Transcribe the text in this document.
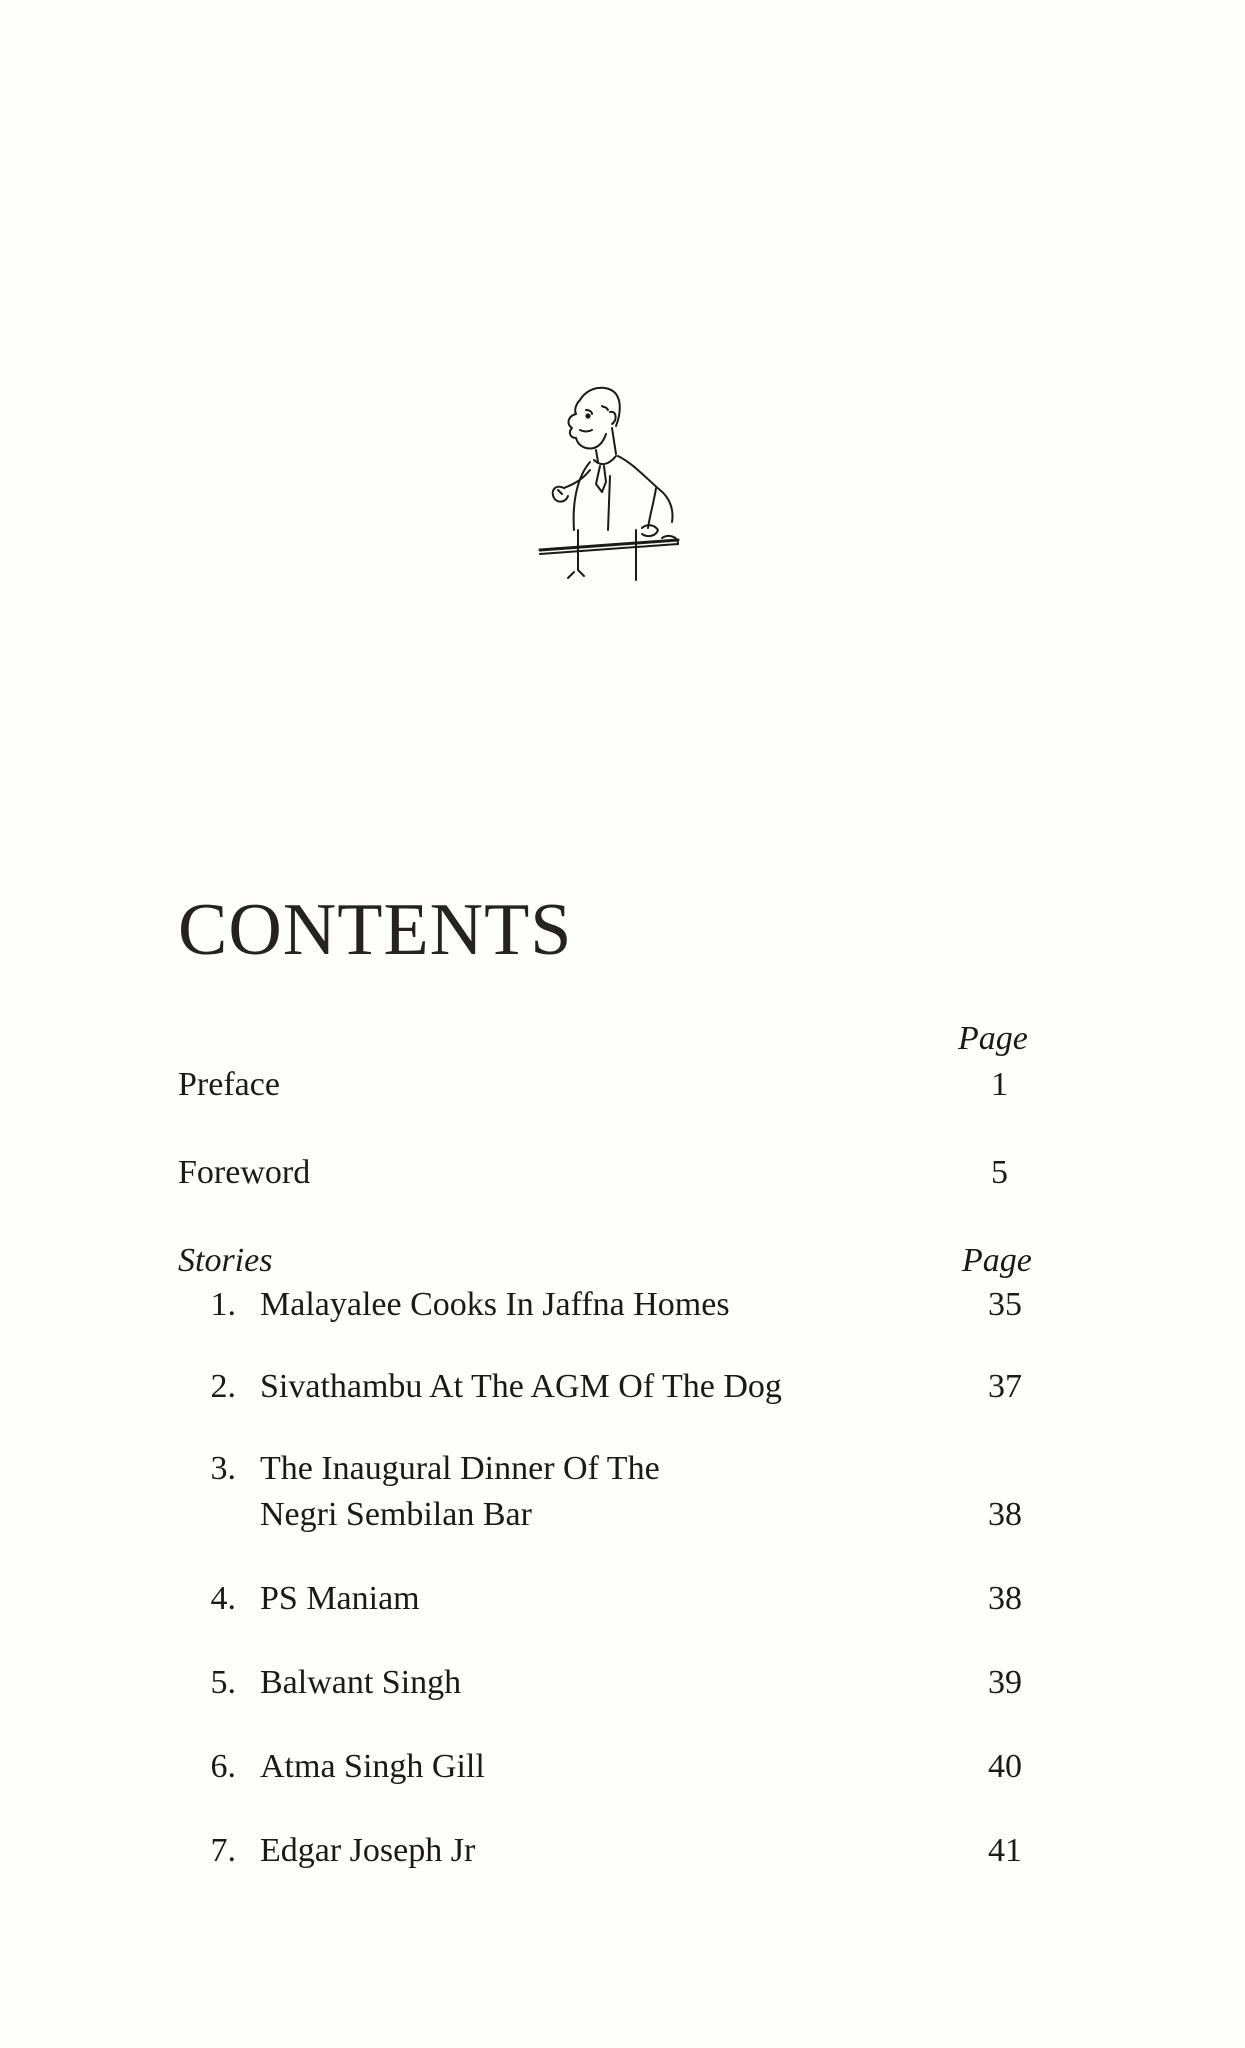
CONTENTS
Page
Preface	1
Foreword	5
Stories	Page
1. Malayalee Cooks In Jaffna Homes	35
2. Sivathambu At The AGM Of The Dog	37
3. The Inaugural Dinner Of The
Negri Sembilan Bar	38
4. PS Maniam	38
5. Balwant Singh	39
6. Atma Singh Gill	40
7. Edgar Joseph Jr	41
